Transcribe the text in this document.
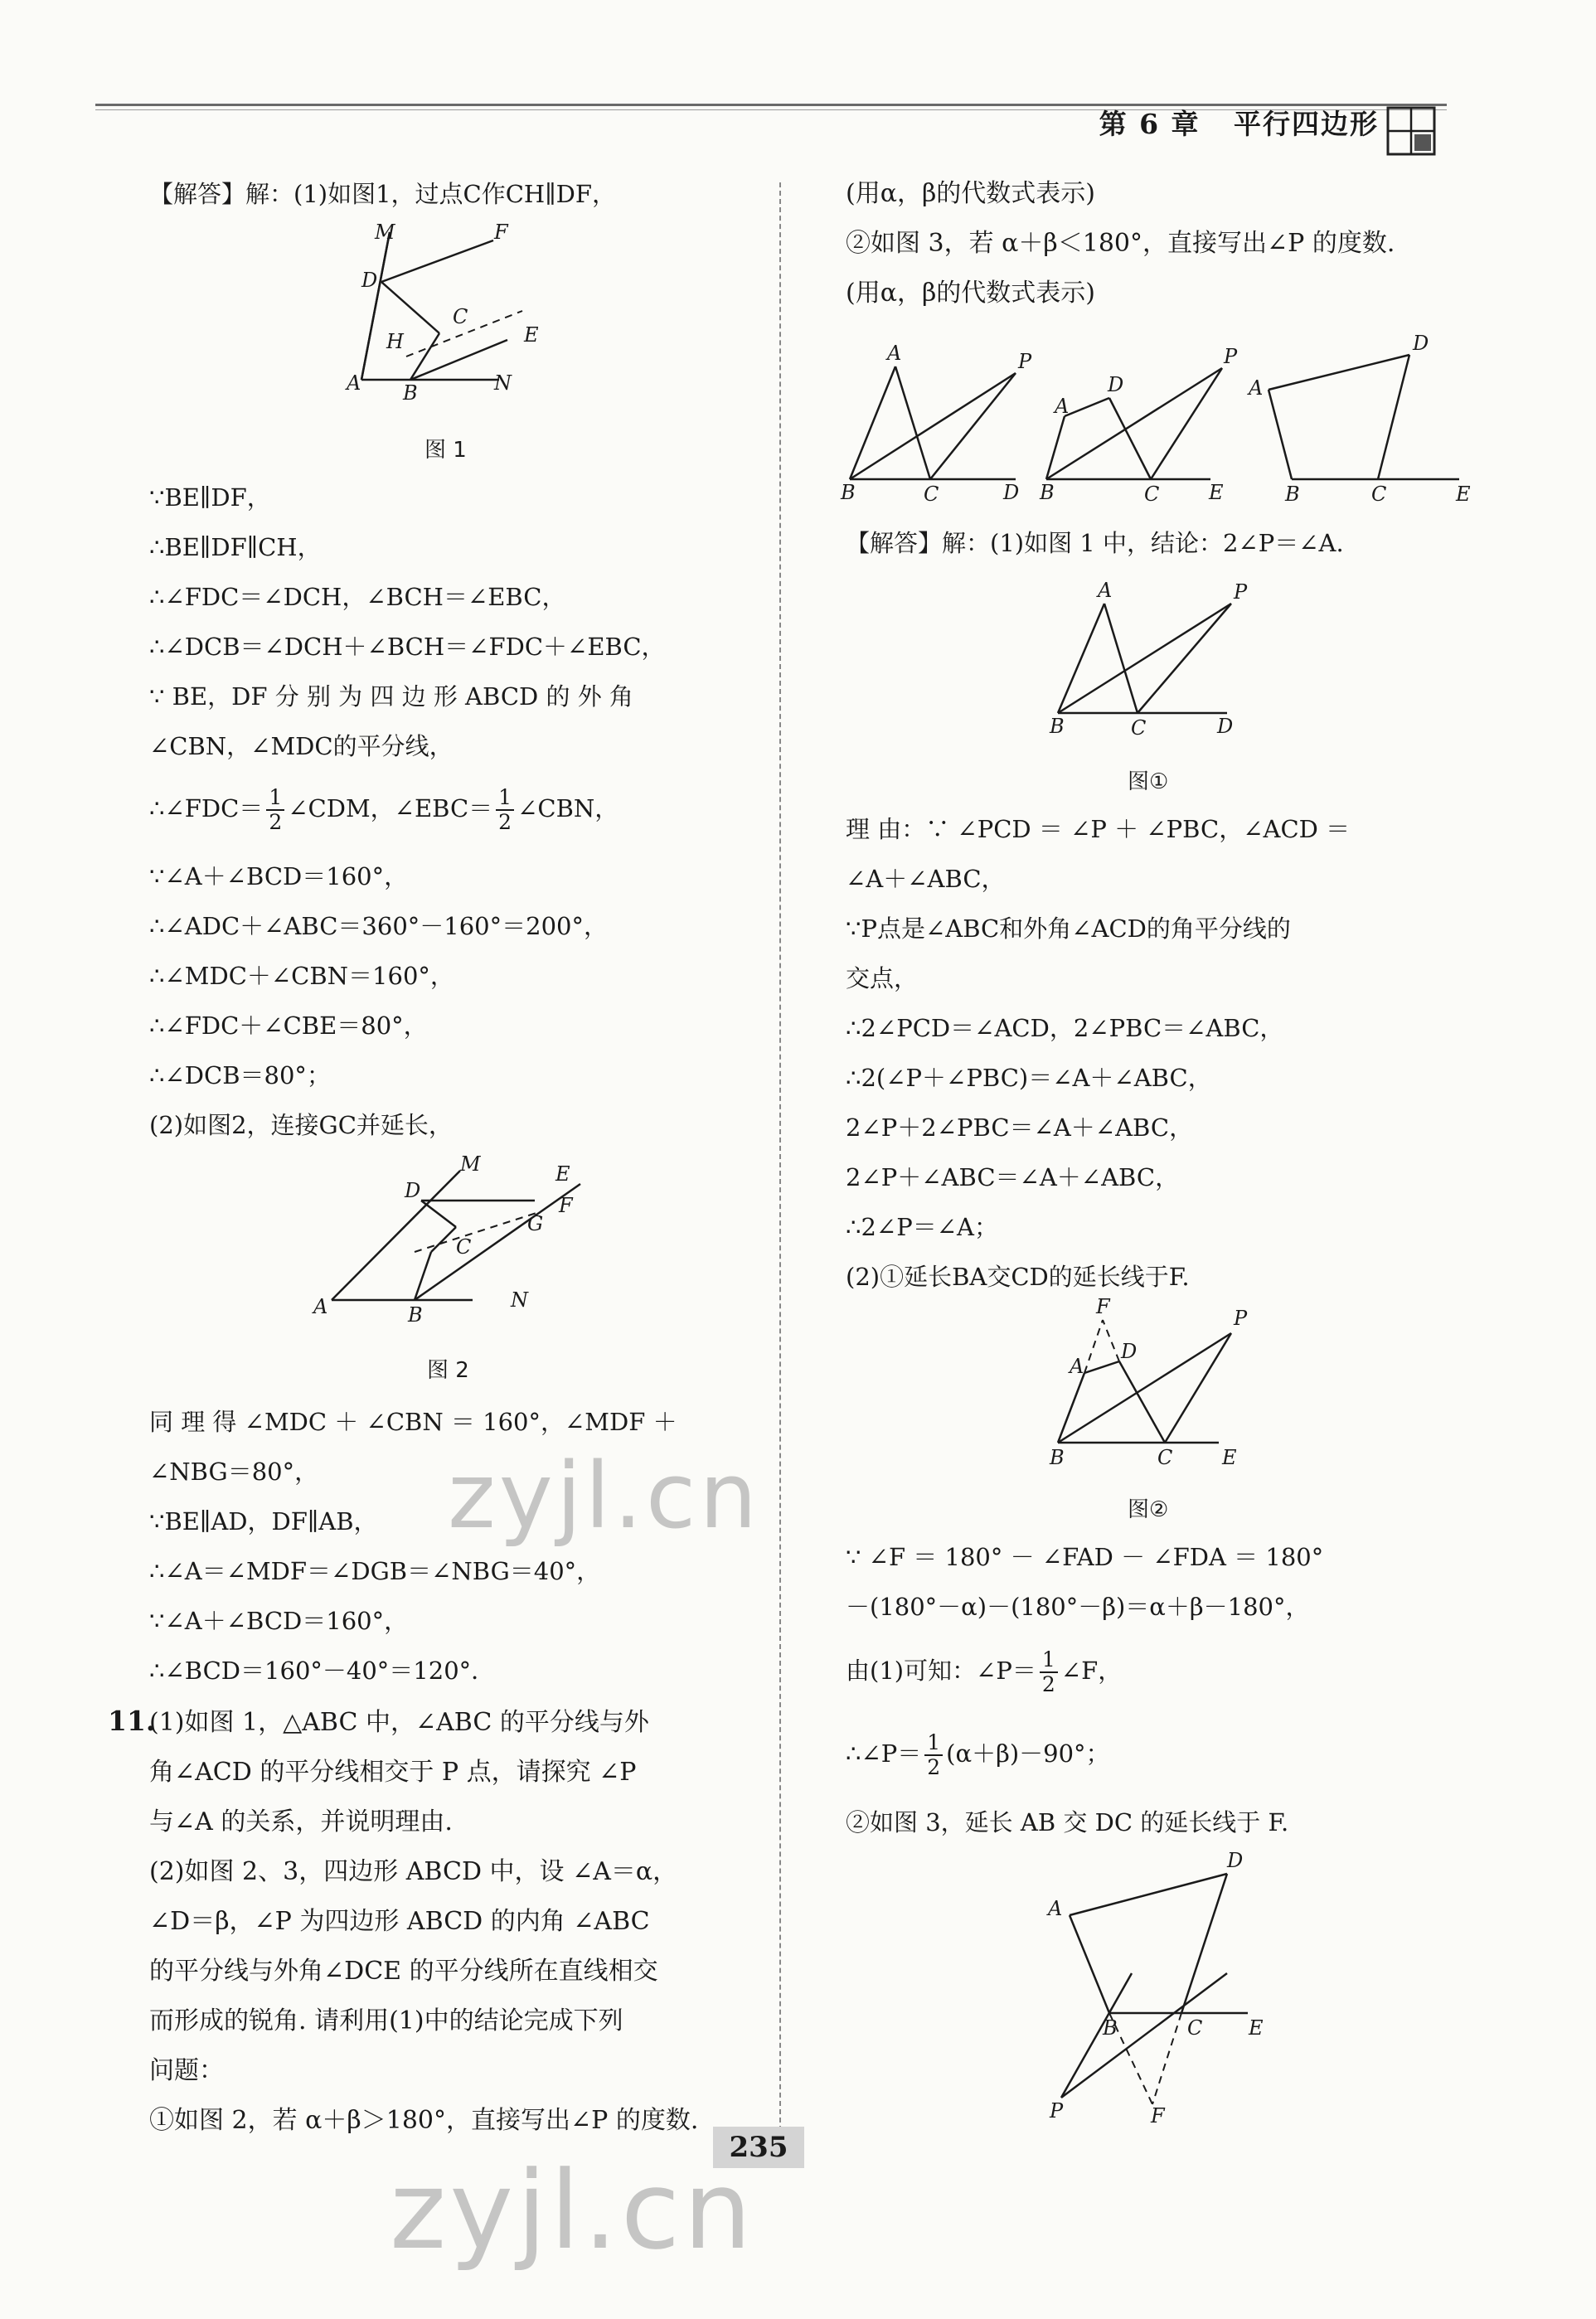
第 6 章 平行四边形
【解答】解：(1)如图1，过点C作CH∥DF，
M	F
D
C
E
H
A B	N
图 1
∵BE∥DF，
∴BE∥DF∥CH，
∴∠FDC＝∠DCH，∠BCH＝∠EBC，
∴∠DCB＝∠DCH＋∠BCH＝∠FDC＋∠EBC，
∵ BE，DF 分 别 为 四 边 形 ABCD 的 外 角
∠CBN，∠MDC的平分线，
∴∠FDC＝ $\frac{1}{2}$ ∠CDM，∠EBC＝ $\frac{1}{2}$ ∠CBN，
∵∠A＋∠BCD＝160°，
∴∠ADC＋∠ABC＝360°－160°＝200°，
∴∠MDC＋∠CBN＝160°，
∴∠FDC＋∠CBE＝80°，
∴∠DCB＝80°；
(2)如图2，连接GC并延长，
M	E
D
F
G
C
A	B
N
图 2
同 理 得 ∠MDC ＋ ∠CBN ＝ 160°，∠MDF ＋
∠NBG＝80°，
∵BE∥AD，DF∥AB，
∴∠A＝∠MDF＝∠DGB＝∠NBG＝40°，
∵∠A＋∠BCD＝160°，
∴∠BCD＝160°－40°＝120°．
11.
(1)如图 1，△ABC 中，∠ABC 的平分线与外
角∠ACD 的平分线相交于 P 点，请探究 ∠P
与∠A 的关系，并说明理由.
(2)如图 2、3，四边形 ABCD 中，设 ∠A＝α，
∠D＝β，∠P 为四边形 ABCD 的内角 ∠ABC
的平分线与外角∠DCE 的平分线所在直线相交
而形成的锐角. 请利用(1)中的结论完成下列
问题：
①如图 2，若 α＋β＞180°，直接写出∠P 的度数.
(用α，β的代数式表示)
②如图 3，若 α＋β＜180°，直接写出∠P 的度数.
(用α，β的代数式表示)
A	P
B	C	D
P
A
D
B	C E
D
A
B	C	E
【解答】解：(1)如图 1 中，结论：2∠P＝∠A.
A	P
B	C	D
图①
理 由：∵ ∠PCD ＝ ∠P ＋ ∠PBC，∠ACD ＝
∠A＋∠ABC，
∵P点是∠ABC和外角∠ACD的角平分线的
交点，
∴2∠PCD＝∠ACD，2∠PBC＝∠ABC，
∴2(∠P＋∠PBC)＝∠A＋∠ABC，
2∠P＋2∠PBC＝∠A＋∠ABC，
2∠P＋∠ABC＝∠A＋∠ABC，
∴2∠P＝∠A；
(2)①延长BA交CD的延长线于F.
F	P
A
D
B	C E
图②
∵ ∠F ＝ 180° － ∠FAD － ∠FDA ＝ 180°
－(180°－α)－(180°－β)＝α＋β－180°，
由(1)可知：∠P＝ $\frac{1}{2}$ ∠F，
∴∠P＝ $\frac{1}{2} (\alpha+\beta)-90^\circ$；
②如图 3，延长 AB 交 DC 的延长线于 F.
D
A
B	C E
P	F
235
zyjl.cn
zyjl.cn
